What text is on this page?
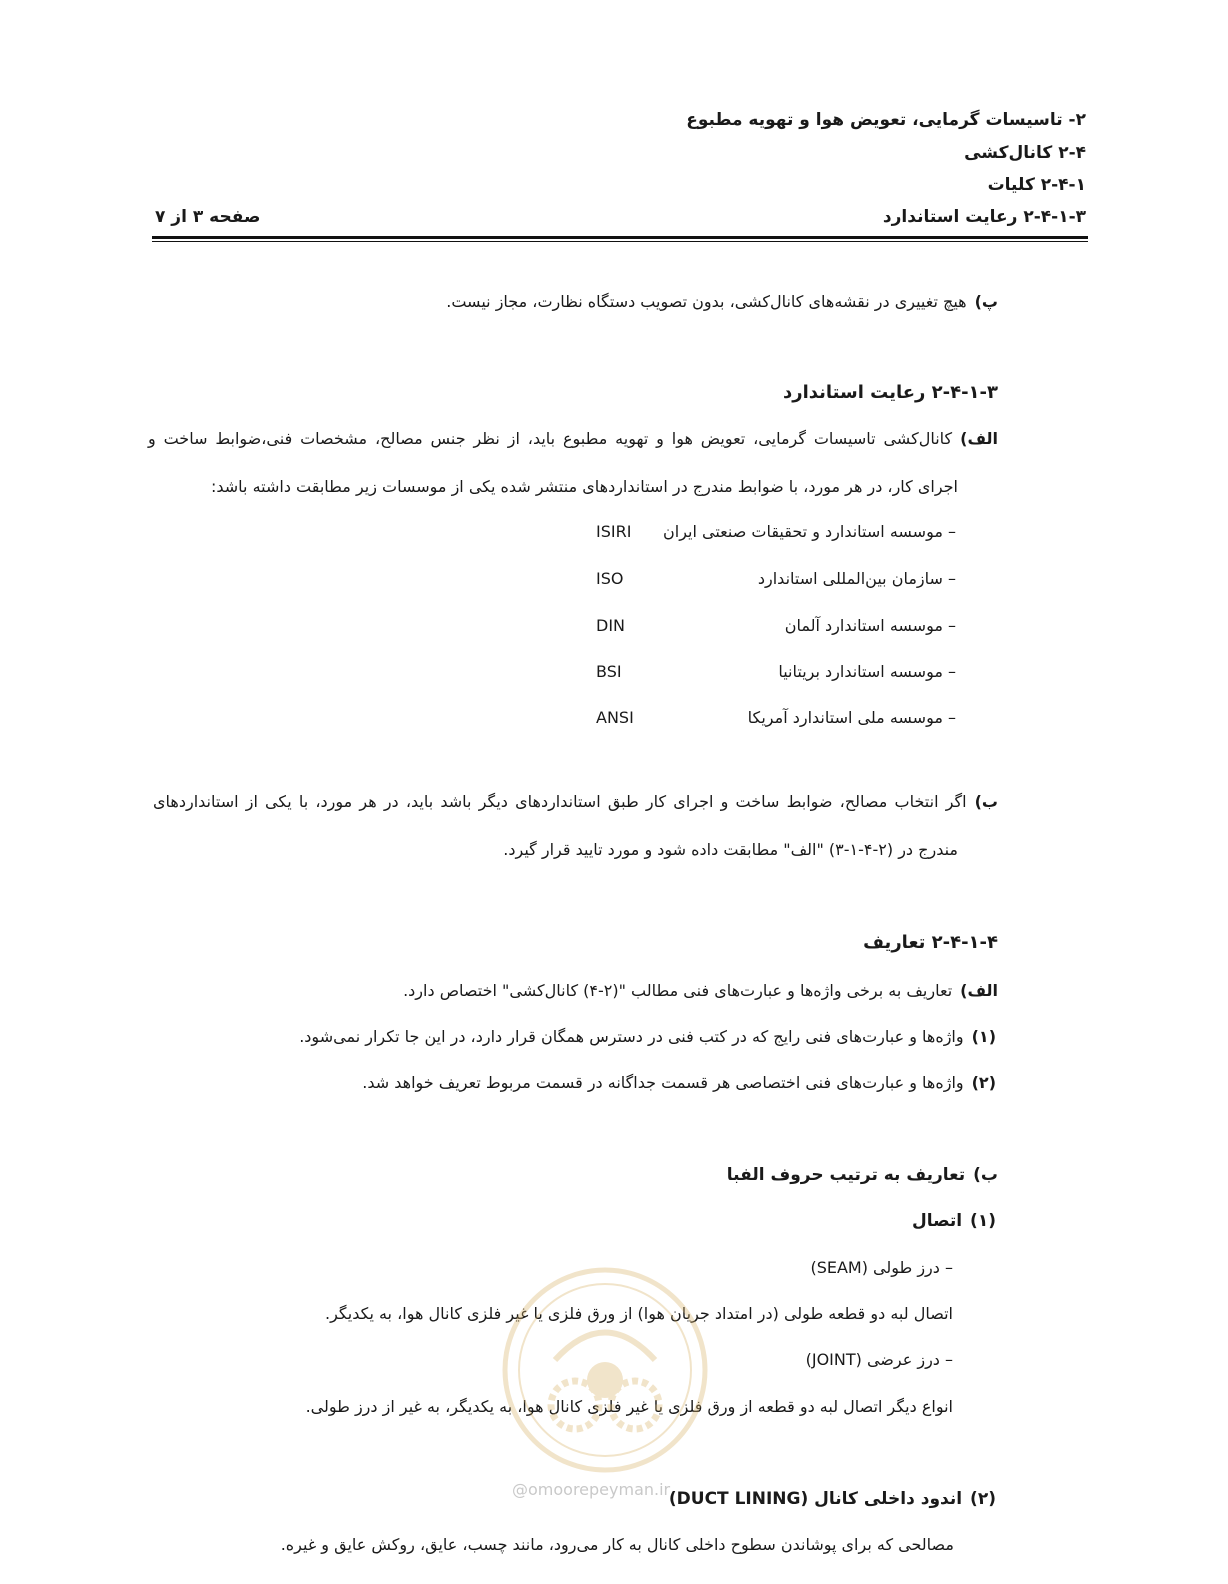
۲- تاسیسات گرمایی، تعویض هوا و تهویه مطبوع
۲-۴ کانال‌کشی
۲-۴-۱ کلیات
۲-۴-۱-۳ رعایت استاندارد
صفحه ۳ از ۷
پ)هیچ تغییری در نقشه‌های کانال‌کشی، بدون تصویب دستگاه نظارت، مجاز نیست.
۲-۴-۱-۳ رعایت استاندارد
الف)کانال‌کشی تاسیسات گرمایی، تعویض هوا و تهویه مطبوع باید، از نظر جنس مصالح، مشخصات فنی،ضوابط ساخت و
اجرای کار، در هر مورد، با ضوابط مندرج در استانداردهای منتشر شده یکی از موسسات زیر مطابقت داشته باشد:
– موسسه استاندارد و تحقیقات صنعتی ایران
ISIRI
– سازمان بین‌المللی استاندارد
ISO
– موسسه استاندارد آلمان
DIN
– موسسه استاندارد بریتانیا
BSI
– موسسه ملی استاندارد آمریکا
ANSI
ب)اگر انتخاب مصالح، ضوابط ساخت و اجرای کار طبق استانداردهای دیگر باشد باید، در هر مورد، با یکی از استانداردهای
مندرج در (۲-۴-۱-۳) "الف" مطابقت داده شود و مورد تایید قرار گیرد.
۲-۴-۱-۴ تعاریف
الف)تعاریف به برخی واژه‌ها و عبارت‌های فنی مطالب "(۲-۴) کانال‌کشی" اختصاص دارد.
(۱)واژه‌ها و عبارت‌های فنی رایج که در کتب فنی در دسترس همگان قرار دارد، در این جا تکرار نمی‌شود.
(۲)واژه‌ها و عبارت‌های فنی اختصاصی هر قسمت جداگانه در قسمت مربوط تعریف خواهد شد.
ب)تعاریف به ترتیب حروف الفبا
(۱)اتصال
– درز طولی (SEAM)
اتصال لبه دو قطعه طولی (در امتداد جریان هوا) از ورق فلزی یا غیر فلزی کانال هوا، به یکدیگر.
– درز عرضی (JOINT)
انواع دیگر اتصال لبه دو قطعه از ورق فلزی یا غیر فلزی کانال هوا، به یکدیگر، به غیر از درز طولی.
(۲)اندود داخلی کانال (DUCT LINING)
مصالحی که برای پوشاندن سطوح داخلی کانال به کار می‌رود، مانند چسب، عایق، روکش عایق و غیره.
@omoorepeyman.ir
